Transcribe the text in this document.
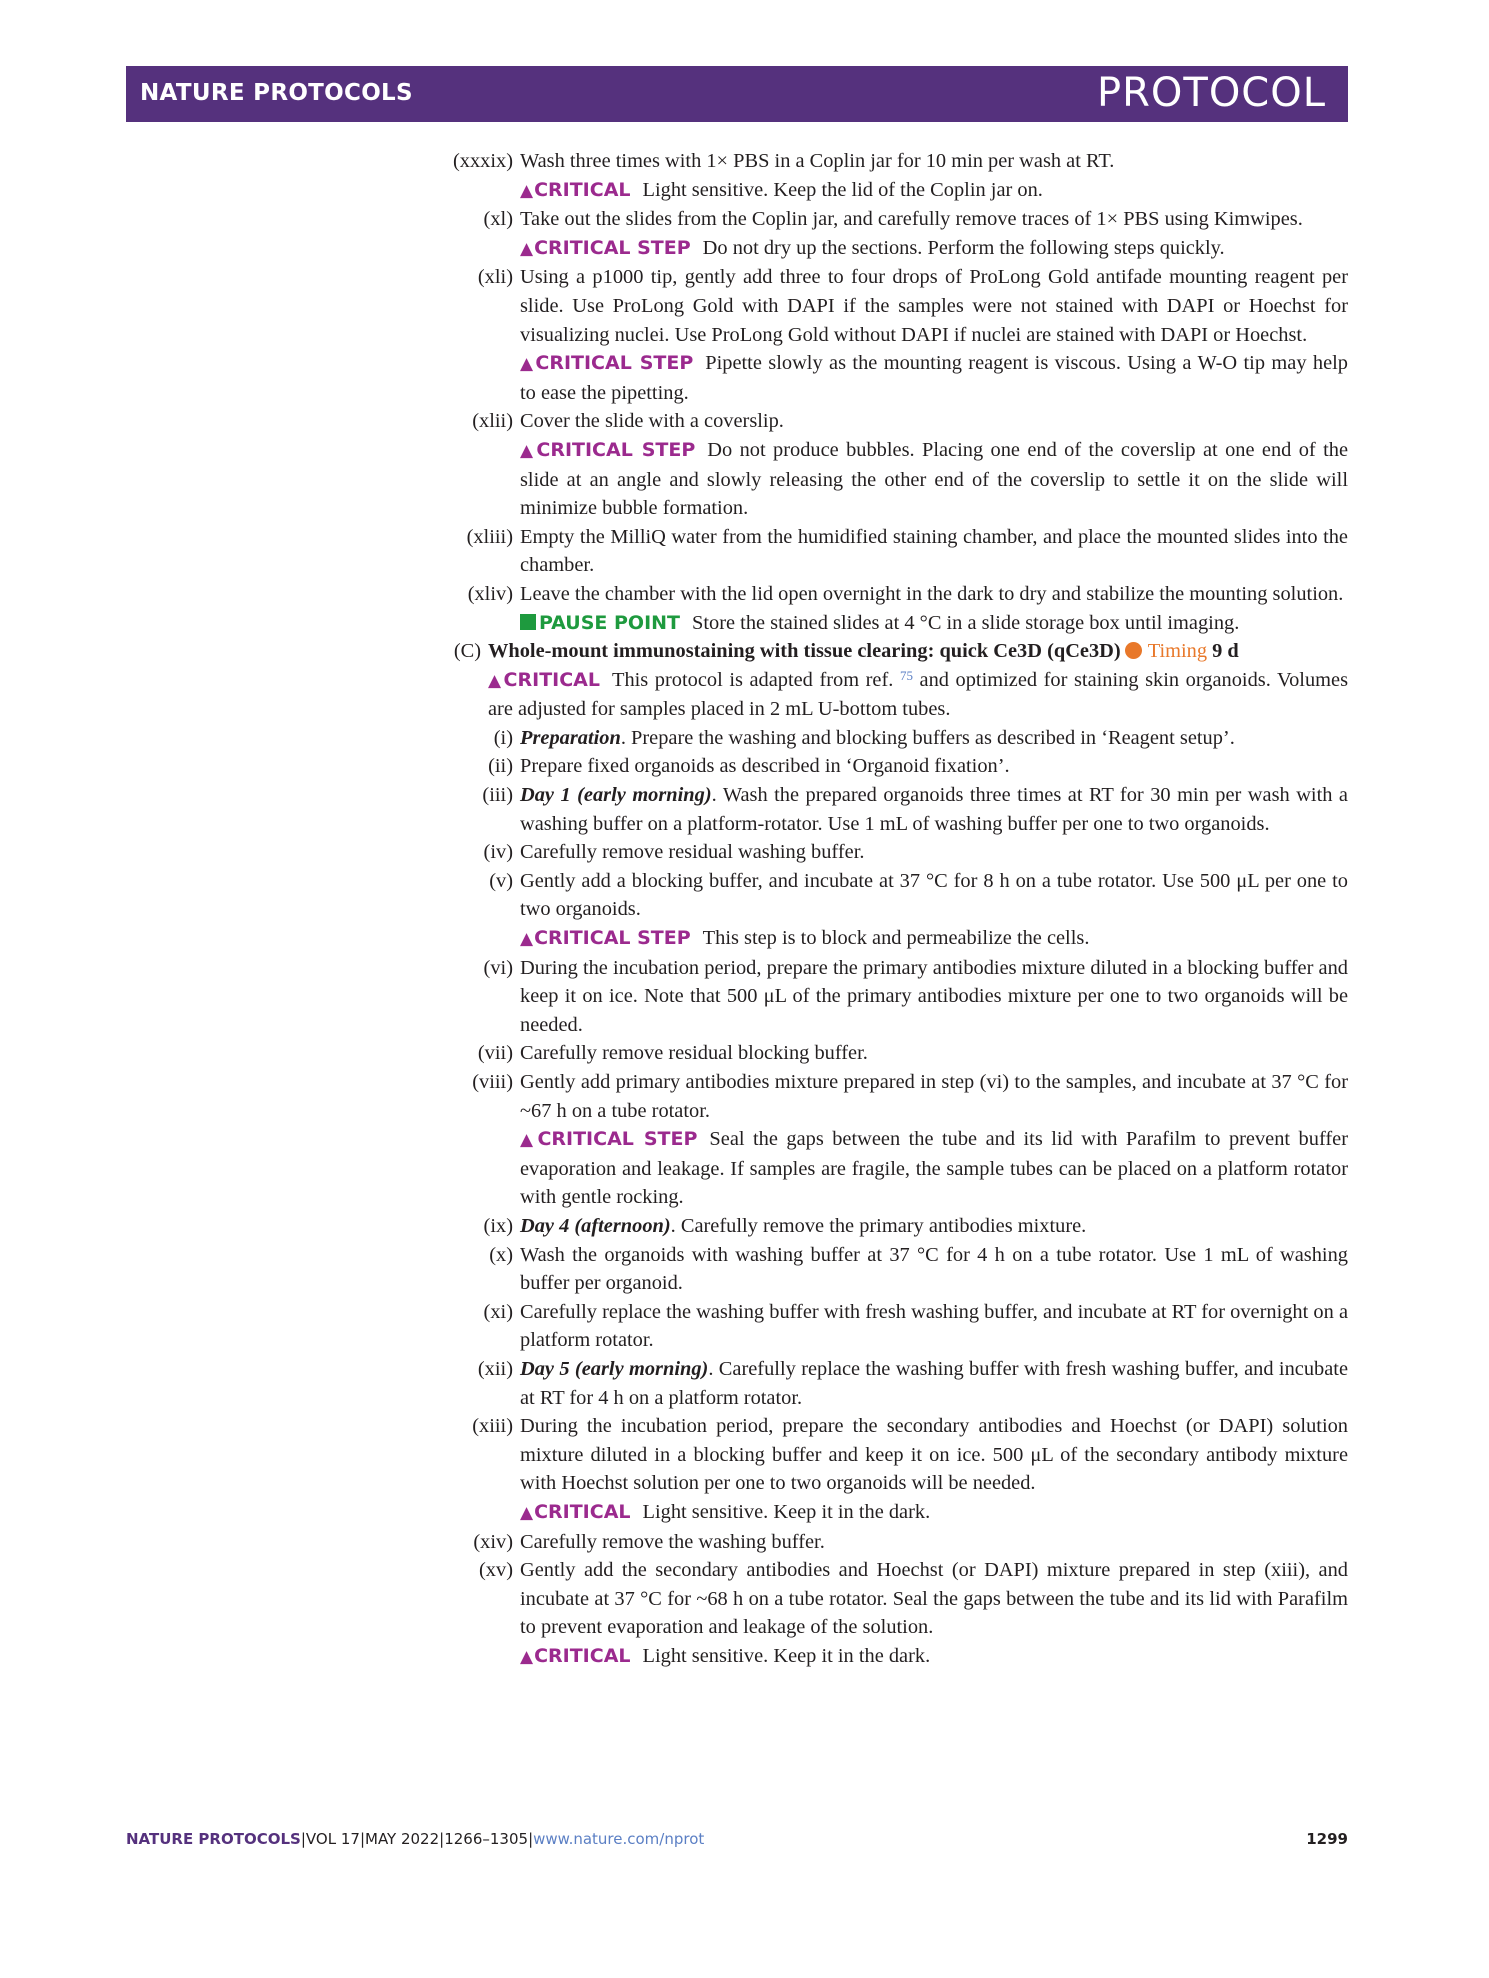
NATURE PROTOCOLS	PROTOCOL
(xxxix) Wash three times with 1× PBS in a Coplin jar for 10 min per wash at RT.
▲CRITICAL Light sensitive. Keep the lid of the Coplin jar on.
(xl) Take out the slides from the Coplin jar, and carefully remove traces of 1× PBS using Kimwipes.
▲CRITICAL STEP Do not dry up the sections. Perform the following steps quickly.
(xli) Using a p1000 tip, gently add three to four drops of ProLong Gold antifade mounting reagent per slide. Use ProLong Gold with DAPI if the samples were not stained with DAPI or Hoechst for visualizing nuclei. Use ProLong Gold without DAPI if nuclei are stained with DAPI or Hoechst.
▲CRITICAL STEP Pipette slowly as the mounting reagent is viscous. Using a W-O tip may help to ease the pipetting.
(xlii) Cover the slide with a coverslip.
▲CRITICAL STEP Do not produce bubbles. Placing one end of the coverslip at one end of the slide at an angle and slowly releasing the other end of the coverslip to settle it on the slide will minimize bubble formation.
(xliii) Empty the MilliQ water from the humidified staining chamber, and place the mounted slides into the chamber.
(xliv) Leave the chamber with the lid open overnight in the dark to dry and stabilize the mounting solution.
PAUSE POINT Store the stained slides at 4 °C in a slide storage box until imaging.
(C) Whole-mount immunostaining with tissue clearing: quick Ce3D (qCe3D) Timing 9 d
▲CRITICAL This protocol is adapted from ref. $^{75}$ and optimized for staining skin organoids. Volumes are adjusted for samples placed in 2 mL U-bottom tubes.
(i) Preparation. Prepare the washing and blocking buffers as described in ‘Reagent setup’.
(ii) Prepare fixed organoids as described in ‘Organoid fixation’.
(iii) Day 1 (early morning). Wash the prepared organoids three times at RT for 30 min per wash with a washing buffer on a platform-rotator. Use 1 mL of washing buffer per one to two organoids.
(iv) Carefully remove residual washing buffer.
(v) Gently add a blocking buffer, and incubate at 37 °C for 8 h on a tube rotator. Use 500 μL per one to two organoids.
▲CRITICAL STEP This step is to block and permeabilize the cells.
(vi) During the incubation period, prepare the primary antibodies mixture diluted in a blocking buffer and keep it on ice. Note that 500 μL of the primary antibodies mixture per one to two organoids will be needed.
(vii) Carefully remove residual blocking buffer.
(viii) Gently add primary antibodies mixture prepared in step (vi) to the samples, and incubate at 37 °C for ~67 h on a tube rotator.
▲CRITICAL STEP Seal the gaps between the tube and its lid with Parafilm to prevent buffer evaporation and leakage. If samples are fragile, the sample tubes can be placed on a platform rotator with gentle rocking.
(ix) Day 4 (afternoon). Carefully remove the primary antibodies mixture.
(x) Wash the organoids with washing buffer at 37 °C for 4 h on a tube rotator. Use 1 mL of washing buffer per organoid.
(xi) Carefully replace the washing buffer with fresh washing buffer, and incubate at RT for overnight on a platform rotator.
(xii) Day 5 (early morning). Carefully replace the washing buffer with fresh washing buffer, and incubate at RT for 4 h on a platform rotator.
(xiii) During the incubation period, prepare the secondary antibodies and Hoechst (or DAPI) solution mixture diluted in a blocking buffer and keep it on ice. 500 μL of the secondary antibody mixture with Hoechst solution per one to two organoids will be needed.
▲CRITICAL Light sensitive. Keep it in the dark.
(xiv) Carefully remove the washing buffer.
(xv) Gently add the secondary antibodies and Hoechst (or DAPI) mixture prepared in step (xiii), and incubate at 37 °C for ~68 h on a tube rotator. Seal the gaps between the tube and its lid with Parafilm to prevent evaporation and leakage of the solution.
▲CRITICAL Light sensitive. Keep it in the dark.
NATURE PROTOCOLS|VOL 17|MAY 2022|1266–1305|www.nature.com/nprot	1299
